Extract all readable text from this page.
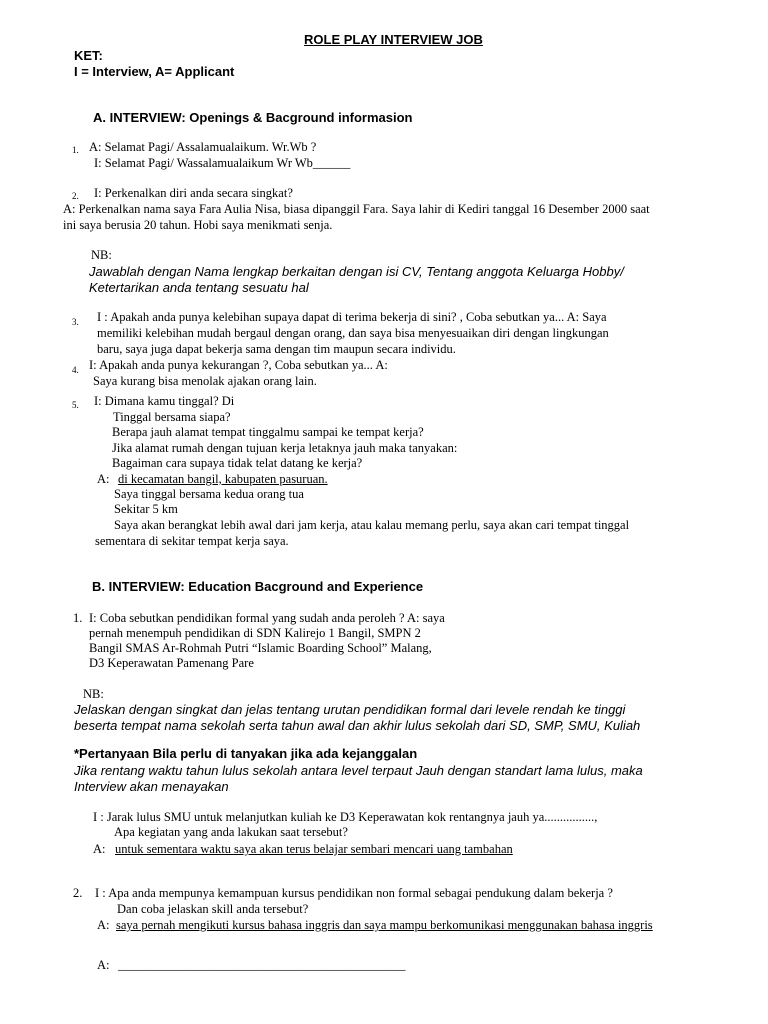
ROLE PLAY INTERVIEW JOB
KET:
I = Interview, A= Applicant
A. INTERVIEW: Openings & Bacground informasion
1. A: Selamat Pagi/ Assalamualaikum. Wr.Wb ?
I: Selamat Pagi/ Wassalamualaikum Wr Wb______
2. I: Perkenalkan diri anda secara singkat?
A: Perkenalkan nama saya Fara Aulia Nisa, biasa dipanggil Fara. Saya lahir di Kediri tanggal 16 Desember 2000 saat
ini saya berusia 20 tahun. Hobi saya menikmati senja.
NB:
Jawablah dengan Nama lengkap berkaitan dengan isi CV, Tentang anggota Keluarga Hobby/
Ketertarikan anda tentang sesuatu hal
3. I : Apakah anda punya kelebihan supaya dapat di terima bekerja di sini? , Coba sebutkan ya... A: Saya
memiliki kelebihan mudah bergaul dengan orang, dan saya bisa menyesuaikan diri dengan lingkungan
baru, saya juga dapat bekerja sama dengan tim maupun secara individu.
4. I: Apakah anda punya kekurangan ?, Coba sebutkan ya... A:
Saya kurang bisa menolak ajakan orang lain.
5. I: Dimana kamu tinggal? Di
Tinggal bersama siapa?
Berapa jauh alamat tempat tinggalmu sampai ke tempat kerja?
Jika alamat rumah dengan tujuan kerja letaknya jauh maka tanyakan:
Bagaiman cara supaya tidak telat datang ke kerja?
A: di kecamatan bangil, kabupaten pasuruan.
Saya tinggal bersama kedua orang tua
Sekitar 5 km
Saya akan berangkat lebih awal dari jam kerja, atau kalau memang perlu, saya akan cari tempat tinggal
sementara di sekitar tempat kerja saya.
B. INTERVIEW: Education Bacground and Experience
1. I: Coba sebutkan pendidikan formal yang sudah anda peroleh ? A: saya
pernah menempuh pendidikan di SDN Kalirejo 1 Bangil, SMPN 2
Bangil SMAS Ar-Rohmah Putri “Islamic Boarding School” Malang,
D3 Keperawatan Pamenang Pare
NB:
Jelaskan dengan singkat dan jelas tentang urutan pendidikan formal dari levele rendah ke tinggi
beserta tempat nama sekolah serta tahun awal dan akhir lulus sekolah dari SD, SMP, SMU, Kuliah
*Pertanyaan Bila perlu di tanyakan jika ada kejanggalan
Jika rentang waktu tahun lulus sekolah antara level terpaut Jauh dengan standart lama lulus, maka
Interview akan menayakan
I : Jarak lulus SMU untuk melanjutkan kuliah ke D3 Keperawatan kok rentangnya jauh ya................,
Apa kegiatan yang anda lakukan saat tersebut?
A: untuk sementara waktu saya akan terus belajar sembari mencari uang tambahan
2. I : Apa anda mempunya kemampuan kursus pendidikan non formal sebagai pendukung dalam bekerja ?
Dan coba jelaskan skill anda tersebut?
A: saya pernah mengikuti kursus bahasa inggris dan saya mampu berkomunikasi menggunakan bahasa inggris
A: ______________________________________________
